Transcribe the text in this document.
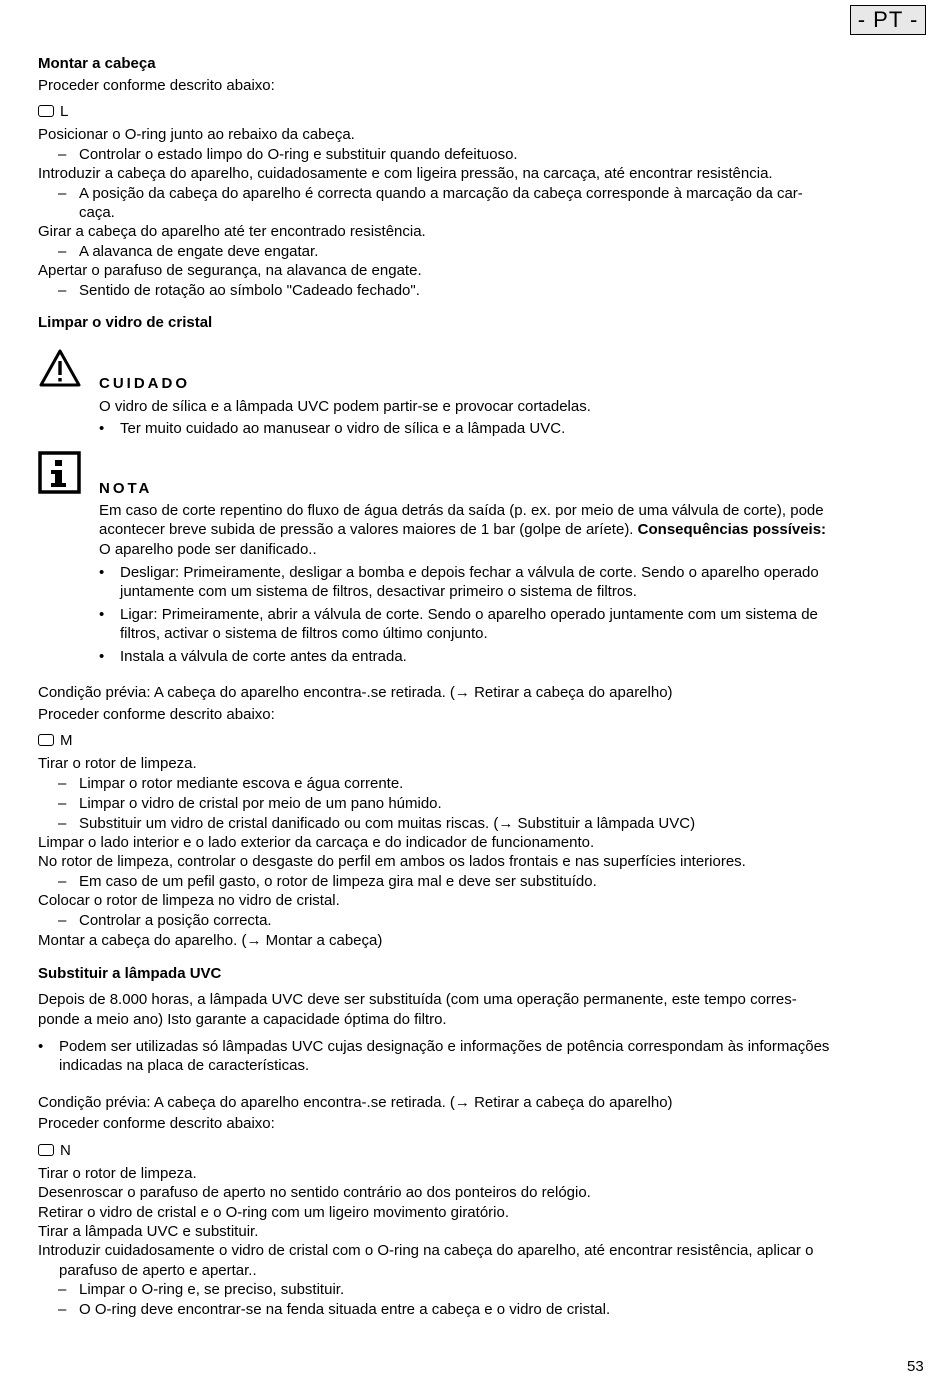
- PT -
Montar a cabeça
Proceder conforme descrito abaixo:
L
Posicionar o O-ring junto ao rebaixo da cabeça.
– Controlar o estado limpo do O-ring e substituir quando defeituoso.
Introduzir a cabeça do aparelho, cuidadosamente e com ligeira pressão, na carcaça, até encontrar resistência.
– A posição da cabeça do aparelho é correcta quando a marcação da cabeça corresponde à marcação da car-
caça.
Girar a cabeça do aparelho até ter encontrado resistência.
– A alavanca de engate deve engatar.
Apertar o parafuso de segurança, na alavanca de engate.
– Sentido de rotação ao símbolo "Cadeado fechado".
Limpar o vidro de cristal
CUIDADO
O vidro de sílica e a lâmpada UVC podem partir-se e provocar cortadelas.
• Ter muito cuidado ao manusear o vidro de sílica e a lâmpada UVC.
NOTA
Em caso de corte repentino do fluxo de água detrás da saída (p. ex. por meio de uma válvula de corte), pode
acontecer breve subida de pressão a valores maiores de 1 bar (golpe de aríete). Consequências possíveis:
O aparelho pode ser danificado..
• Desligar: Primeiramente, desligar a bomba e depois fechar a válvula de corte. Sendo o aparelho operado
juntamente com um sistema de filtros, desactivar primeiro o sistema de filtros.
• Ligar: Primeiramente, abrir a válvula de corte. Sendo o aparelho operado juntamente com um sistema de
filtros, activar o sistema de filtros como último conjunto.
• Instala a válvula de corte antes da entrada.
Condição prévia: A cabeça do aparelho encontra-.se retirada. (→ Retirar a cabeça do aparelho)
Proceder conforme descrito abaixo:
M
Tirar o rotor de limpeza.
– Limpar o rotor mediante escova e água corrente.
– Limpar o vidro de cristal por meio de um pano húmido.
– Substituir um vidro de cristal danificado ou com muitas riscas. (→ Substituir a lâmpada UVC)
Limpar o lado interior e o lado exterior da carcaça e do indicador de funcionamento.
No rotor de limpeza, controlar o desgaste do perfil em ambos os lados frontais e nas superfícies interiores.
– Em caso de um pefil gasto, o rotor de limpeza gira mal e deve ser substituído.
Colocar o rotor de limpeza no vidro de cristal.
– Controlar a posição correcta.
Montar a cabeça do aparelho. (→ Montar a cabeça)
Substituir a lâmpada UVC
Depois de 8.000 horas, a lâmpada UVC deve ser substituída (com uma operação permanente, este tempo corres-
ponde a meio ano) Isto garante a capacidade óptima do filtro.
• Podem ser utilizadas só lâmpadas UVC cujas designação e informações de potência correspondam às informações
indicadas na placa de características.
Condição prévia: A cabeça do aparelho encontra-.se retirada. (→ Retirar a cabeça do aparelho)
Proceder conforme descrito abaixo:
N
Tirar o rotor de limpeza.
Desenroscar o parafuso de aperto no sentido contrário ao dos ponteiros do relógio.
Retirar o vidro de cristal e o O-ring com um ligeiro movimento giratório.
Tirar a lâmpada UVC e substituir.
Introduzir cuidadosamente o vidro de cristal com o O-ring na cabeça do aparelho, até encontrar resistência, aplicar o
parafuso de aperto e apertar..
– Limpar o O-ring e, se preciso, substituir.
– O O-ring deve encontrar-se na fenda situada entre a cabeça e o vidro de cristal.
53
